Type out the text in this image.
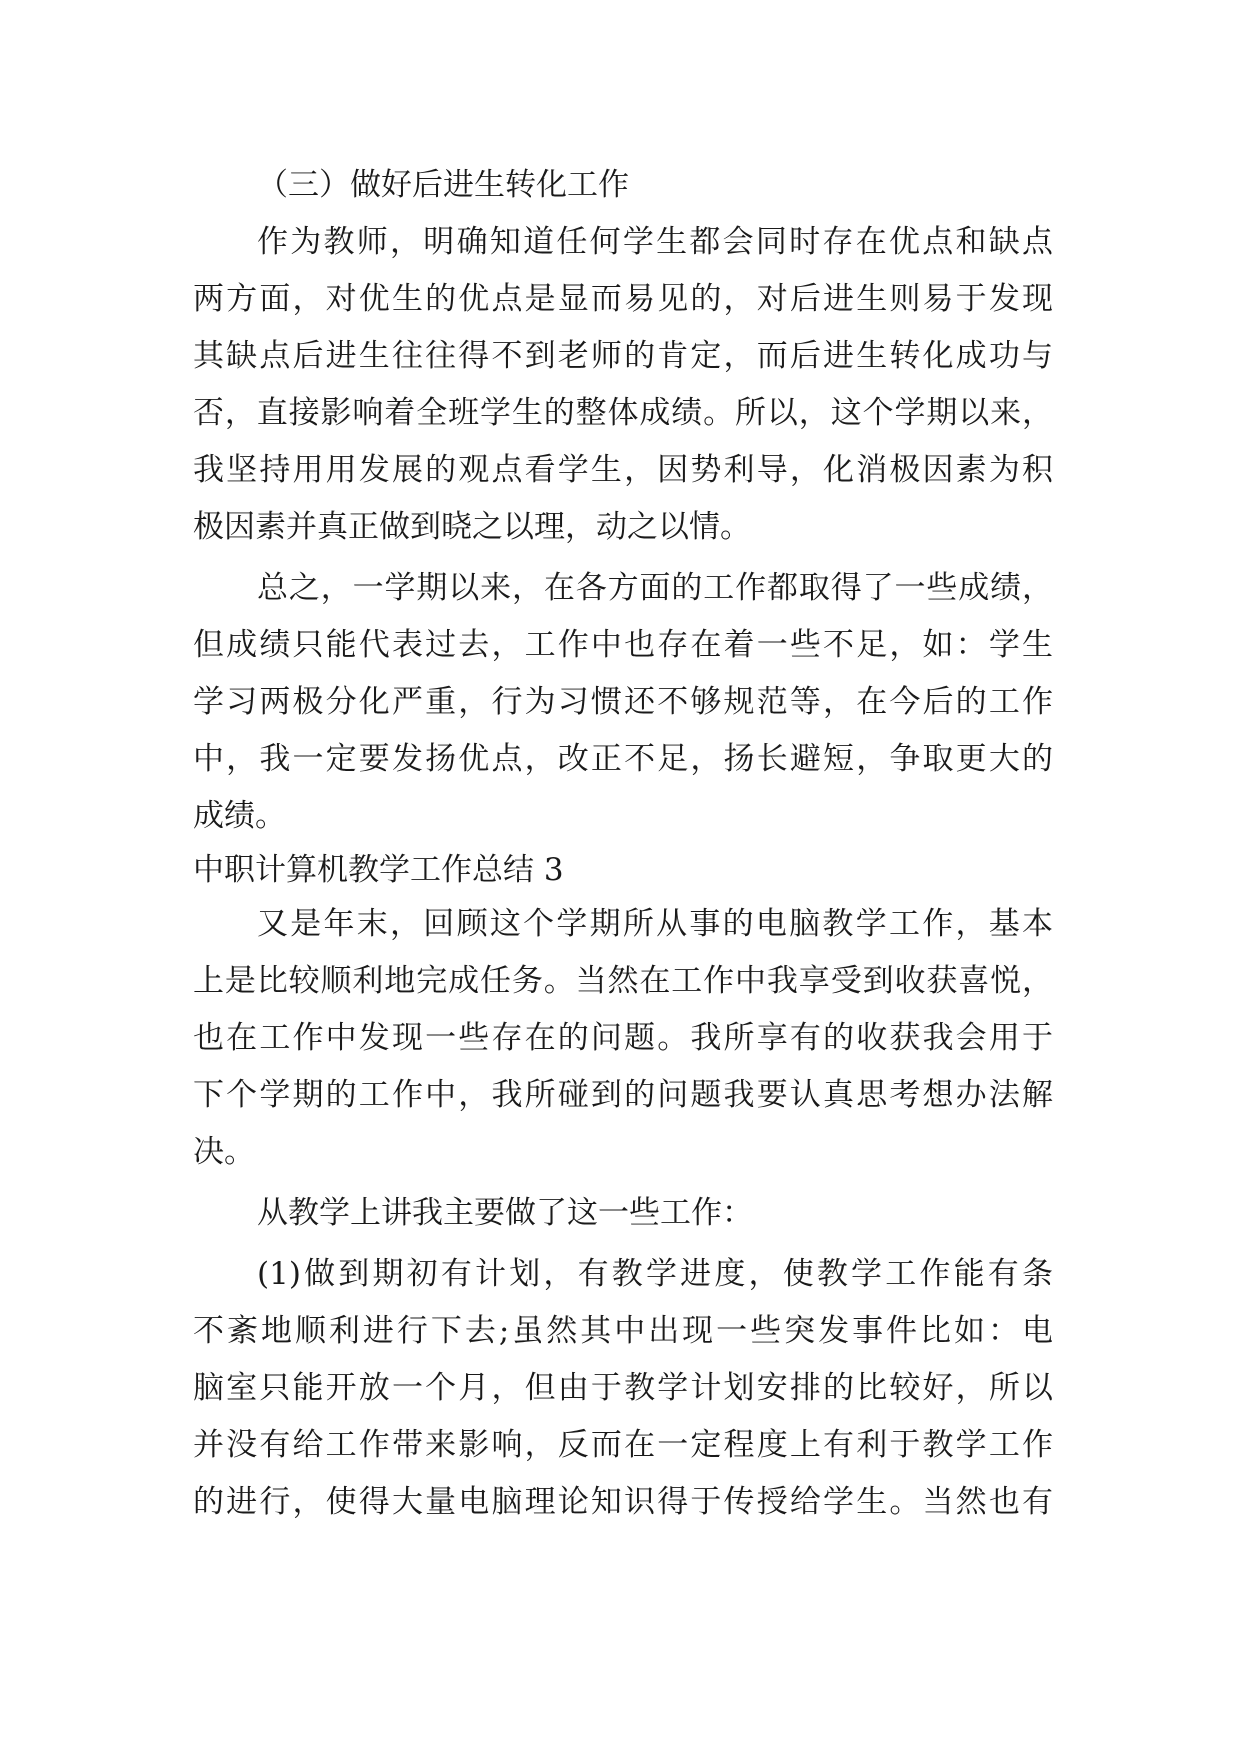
（三）做好后进生转化工作
作为教师，明确知道任何学生都会同时存在优点和缺点
两方面，对优生的优点是显而易见的，对后进生则易于发现
其缺点后进生往往得不到老师的肯定，而后进生转化成功与
否，直接影响着全班学生的整体成绩。所以，这个学期以来，
我坚持用用发展的观点看学生，因势利导，化消极因素为积
极因素并真正做到晓之以理，动之以情。
总之，一学期以来，在各方面的工作都取得了一些成绩，
但成绩只能代表过去，工作中也存在着一些不足，如：学生
学习两极分化严重，行为习惯还不够规范等，在今后的工作
中，我一定要发扬优点，改正不足，扬长避短，争取更大的
成绩。
中职计算机教学工作总结 3
又是年末，回顾这个学期所从事的电脑教学工作，基本
上是比较顺利地完成任务。当然在工作中我享受到收获喜悦，
也在工作中发现一些存在的问题。我所享有的收获我会用于
下个学期的工作中，我所碰到的问题我要认真思考想办法解
决。
从教学上讲我主要做了这一些工作：
(1)做到期初有计划，有教学进度，使教学工作能有条
不紊地顺利进行下去;虽然其中出现一些突发事件比如：电
脑室只能开放一个月，但由于教学计划安排的比较好，所以
并没有给工作带来影响，反而在一定程度上有利于教学工作
的进行，使得大量电脑理论知识得于传授给学生。当然也有
